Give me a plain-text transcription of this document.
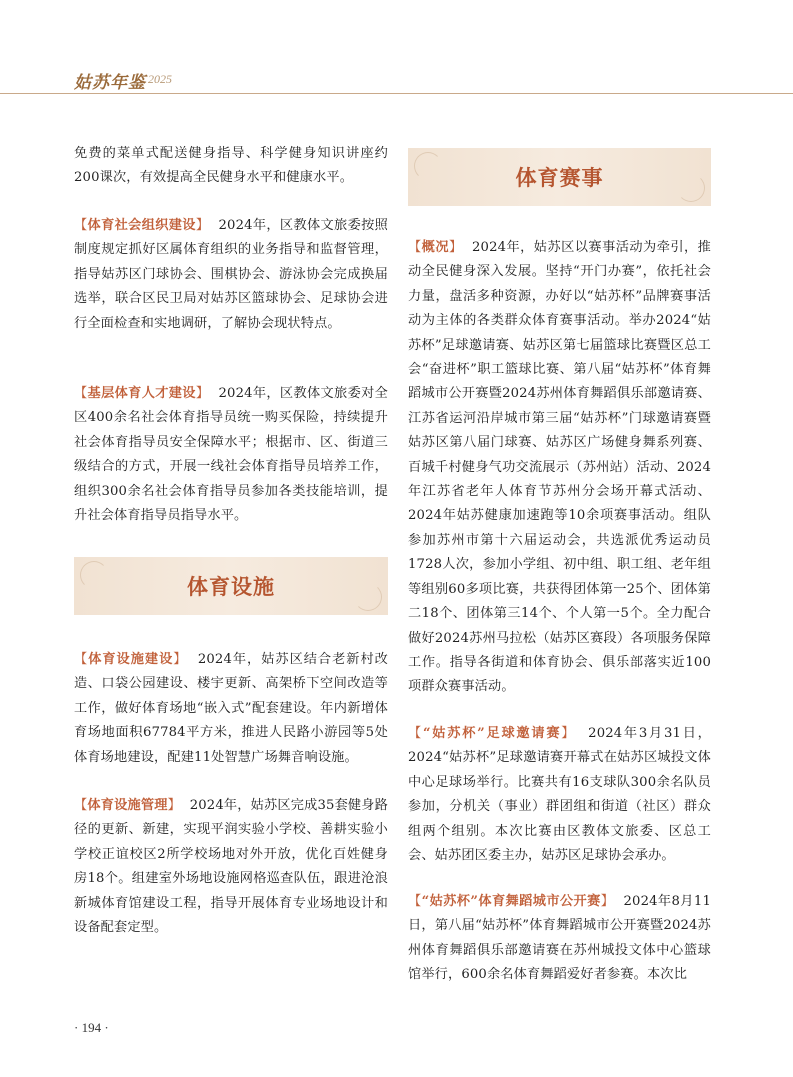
姑苏年鉴 2025

免费的菜单式配送健身指导、科学健身知识讲座约200课次，有效提高全民健身水平和健康水平。

【体育社会组织建设】 2024年，区教体文旅委按照制度规定抓好区属体育组织的业务指导和监督管理，指导姑苏区门球协会、围棋协会、游泳协会完成换届选举，联合区民卫局对姑苏区篮球协会、足球协会进行全面检查和实地调研，了解协会现状特点。

【基层体育人才建设】 2024年，区教体文旅委对全区400余名社会体育指导员统一购买保险，持续提升社会体育指导员安全保障水平；根据市、区、街道三级结合的方式，开展一线社会体育指导员培养工作，组织300余名社会体育指导员参加各类技能培训，提升社会体育指导员指导水平。

体育设施

【体育设施建设】 2024年，姑苏区结合老新村改造、口袋公园建设、楼宇更新、高架桥下空间改造等工作，做好体育场地“嵌入式”配套建设。年内新增体育场地面积67784平方米，推进人民路小游园等5处体育场地建设，配建11处智慧广场舞音响设施。

【体育设施管理】 2024年，姑苏区完成35套健身路径的更新、新建，实现平润实验小学校、善耕实验小学校正谊校区2所学校场地对外开放，优化百姓健身房18个。组建室外场地设施网格巡查队伍，跟进沧浪新城体育馆建设工程，指导开展体育专业场地设计和设备配套定型。

体育赛事

【概况】 2024年，姑苏区以赛事活动为牵引，推动全民健身深入发展。坚持“开门办赛”，依托社会力量，盘活多种资源，办好以“姑苏杯”品牌赛事活动为主体的各类群众体育赛事活动。举办2024“姑苏杯”足球邀请赛、姑苏区第七届篮球比赛暨区总工会“奋进杯”职工篮球比赛、第八届“姑苏杯”体育舞蹈城市公开赛暨2024苏州体育舞蹈俱乐部邀请赛、江苏省运河沿岸城市第三届“姑苏杯”门球邀请赛暨姑苏区第八届门球赛、姑苏区广场健身舞系列赛、百城千村健身气功交流展示（苏州站）活动、2024年江苏省老年人体育节苏州分会场开幕式活动、2024年姑苏健康加速跑等10余项赛事活动。组队参加苏州市第十六届运动会，共选派优秀运动员1728人次，参加小学组、初中组、职工组、老年组等组别60多项比赛，共获得团体第一25个、团体第二18个、团体第三14个、个人第一5个。全力配合做好2024苏州马拉松（姑苏区赛段）各项服务保障工作。指导各街道和体育协会、俱乐部落实近100项群众赛事活动。

【“姑苏杯”足球邀请赛】 2024年3月31日，2024“姑苏杯”足球邀请赛开幕式在姑苏区城投文体中心足球场举行。比赛共有16支球队300余名队员参加，分机关（事业）群团组和街道（社区）群众组两个组别。本次比赛由区教体文旅委、区总工会、姑苏团区委主办，姑苏区足球协会承办。

【“姑苏杯”体育舞蹈城市公开赛】 2024年8月11日，第八届“姑苏杯”体育舞蹈城市公开赛暨2024苏州体育舞蹈俱乐部邀请赛在苏州城投文体中心篮球馆举行，600余名体育舞蹈爱好者参赛。本次比

· 194 ·
